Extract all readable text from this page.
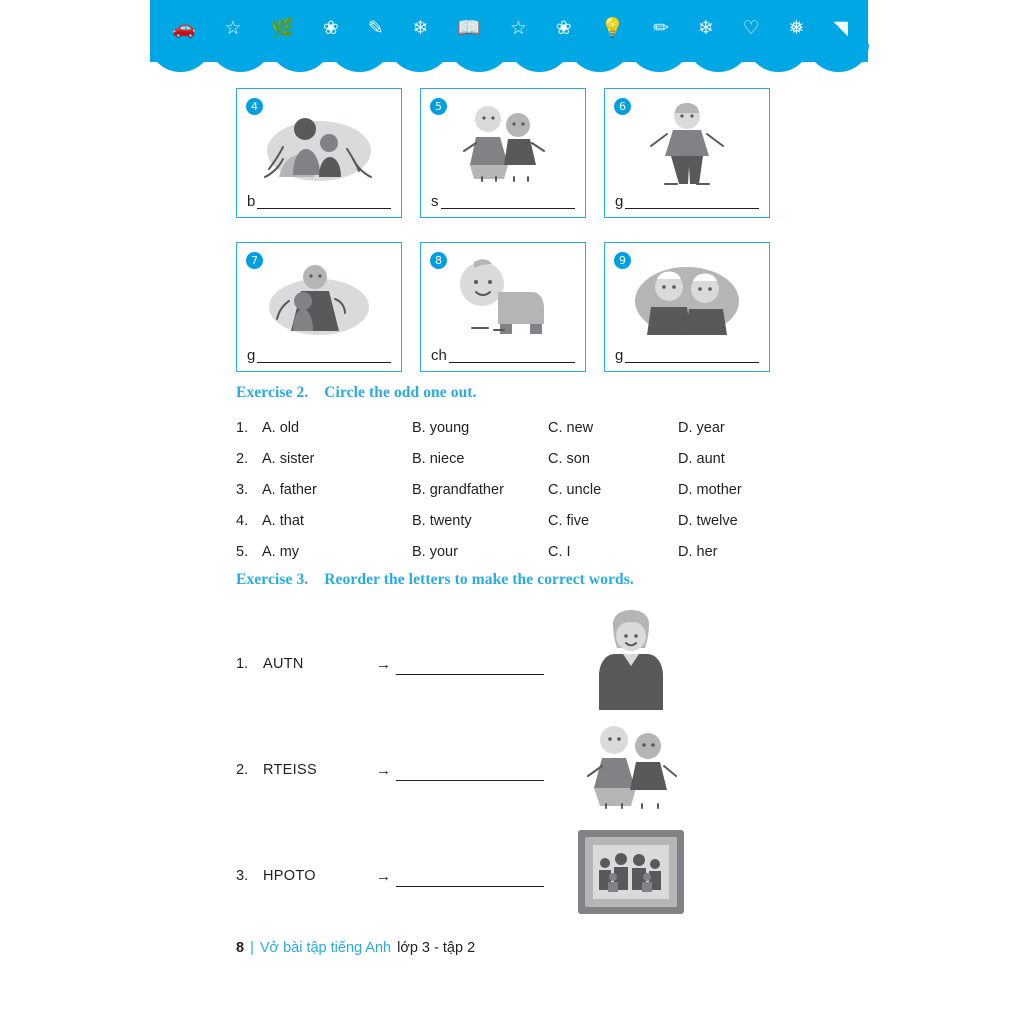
🚗 ☆ 🌿 ❀ ✎ ❄ 📖 ☆ ❀ 💡 ✏ ❄ ♡ ❅ ◥
4
b
5
s
6
g
7
g
8
ch
9
g
Exercise 2. Circle the odd one out.
1.	A. old	B. young	C. new	D. year
2.	A. sister	B. niece	C. son	D. aunt
3.	A. father	B. grandfather	C. uncle	D. mother
4.	A. that	B. twenty	C. five	D. twelve
5.	A. my	B. your	C. I	D. her
Exercise 3. Reorder the letters to make the correct words.
1. AUTN	→
2. RTEISS	→
3. HPOTO	→
8 | Vở bài tập tiếng Anh lớp 3 - tập 2
